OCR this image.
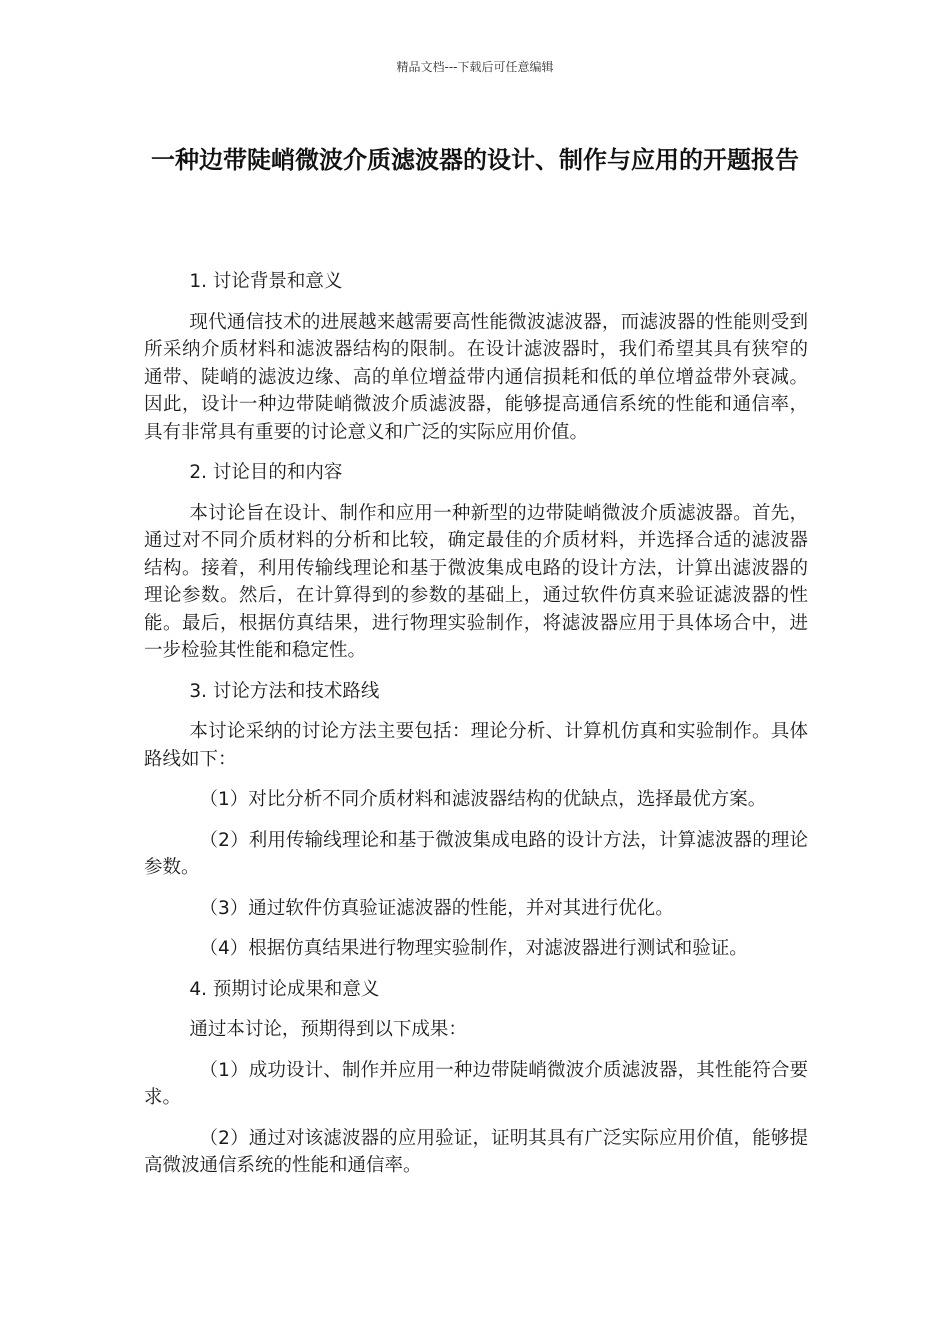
精品文档---下载后可任意编辑
一种边带陡峭微波介质滤波器的设计、制作与应用的开题报告

1. 讨论背景和意义

现代通信技术的进展越来越需要高性能微波滤波器，而滤波器的性能则受到所采纳介质材料和滤波器结构的限制。在设计滤波器时，我们希望其具有狭窄的通带、陡峭的滤波边缘、高的单位增益带内通信损耗和低的单位增益带外衰减。因此，设计一种边带陡峭微波介质滤波器，能够提高通信系统的性能和通信率，具有非常具有重要的讨论意义和广泛的实际应用价值。

2. 讨论目的和内容

本讨论旨在设计、制作和应用一种新型的边带陡峭微波介质滤波器。首先，通过对不同介质材料的分析和比较，确定最佳的介质材料，并选择合适的滤波器结构。接着，利用传输线理论和基于微波集成电路的设计方法，计算出滤波器的理论参数。然后，在计算得到的参数的基础上，通过软件仿真来验证滤波器的性能。最后，根据仿真结果，进行物理实验制作，将滤波器应用于具体场合中，进一步检验其性能和稳定性。

3. 讨论方法和技术路线

本讨论采纳的讨论方法主要包括：理论分析、计算机仿真和实验制作。具体路线如下：

（1）对比分析不同介质材料和滤波器结构的优缺点，选择最优方案。

（2）利用传输线理论和基于微波集成电路的设计方法，计算滤波器的理论参数。

（3）通过软件仿真验证滤波器的性能，并对其进行优化。

（4）根据仿真结果进行物理实验制作，对滤波器进行测试和验证。

4. 预期讨论成果和意义

通过本讨论，预期得到以下成果：

（1）成功设计、制作并应用一种边带陡峭微波介质滤波器，其性能符合要求。

（2）通过对该滤波器的应用验证，证明其具有广泛实际应用价值，能够提高微波通信系统的性能和通信率。
